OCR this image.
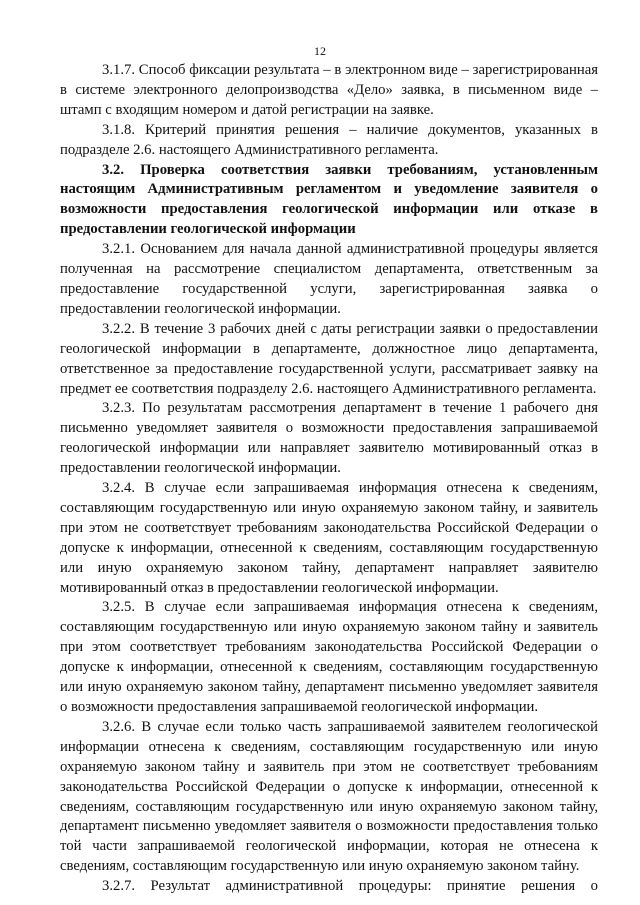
12

3.1.7. Способ фиксации результата – в электронном виде – зарегистрированная в системе электронного делопроизводства «Дело» заявка, в письменном виде – штамп с входящим номером и датой регистрации на заявке.

3.1.8. Критерий принятия решения – наличие документов, указанных в подразделе 2.6. настоящего Административного регламента.

3.2. Проверка соответствия заявки требованиям, установленным настоящим Административным регламентом и уведомление заявителя о возможности предоставления геологической информации или отказе в предоставлении геологической информации

3.2.1. Основанием для начала данной административной процедуры является полученная на рассмотрение специалистом департамента, ответственным за предоставление государственной услуги, зарегистрированная заявка о предоставлении геологической информации.

3.2.2. В течение 3 рабочих дней с даты регистрации заявки о предоставлении геологической информации в департаменте, должностное лицо департамента, ответственное за предоставление государственной услуги, рассматривает заявку на предмет ее соответствия подразделу 2.6. настоящего Административного регламента.

3.2.3. По результатам рассмотрения департамент в течение 1 рабочего дня письменно уведомляет заявителя о возможности предоставления запрашиваемой геологической информации или направляет заявителю мотивированный отказ в предоставлении геологической информации.

3.2.4. В случае если запрашиваемая информация отнесена к сведениям, составляющим государственную или иную охраняемую законом тайну, и заявитель при этом не соответствует требованиям законодательства Российской Федерации о допуске к информации, отнесенной к сведениям, составляющим государственную или иную охраняемую законом тайну, департамент направляет заявителю мотивированный отказ в предоставлении геологической информации.

3.2.5. В случае если запрашиваемая информация отнесена к сведениям, составляющим государственную или иную охраняемую законом тайну и заявитель при этом соответствует требованиям законодательства Российской Федерации о допуске к информации, отнесенной к сведениям, составляющим государственную или иную охраняемую законом тайну, департамент письменно уведомляет заявителя о возможности предоставления запрашиваемой геологической информации.

3.2.6. В случае если только часть запрашиваемой заявителем геологической информации отнесена к сведениям, составляющим государственную или иную охраняемую законом тайну и заявитель при этом не соответствует требованиям законодательства Российской Федерации о допуске к информации, отнесенной к сведениям, составляющим государственную или иную охраняемую законом тайну, департамент письменно уведомляет заявителя о возможности предоставления только той части запрашиваемой геологической информации, которая не отнесена к сведениям, составляющим государственную или иную охраняемую законом тайну.

3.2.7. Результат административной процедуры: принятие решения о
